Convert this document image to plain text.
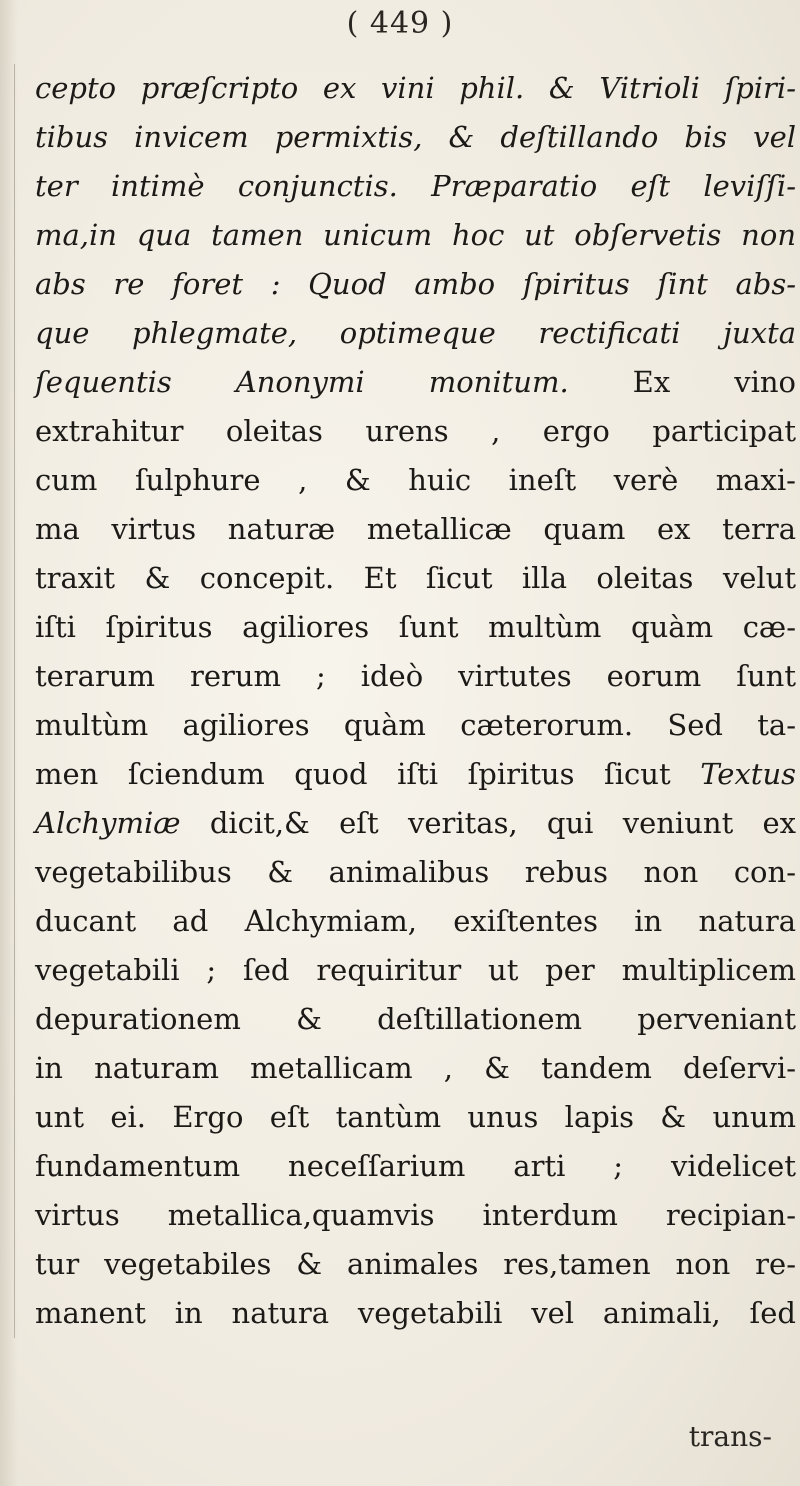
( 449 )
cepto præſcripto ex vini phil. & Vitrioli ſpiri-
tibus invicem permixtis, & deſtillando bis vel
ter intimè conjunctis. Præparatio eſt leviſſi-
ma,in qua tamen unicum hoc ut obſervetis non
abs re foret : Quod ambo ſpiritus ſint abs-
que phlegmate, optimeque rectificati juxta
ſequentis Anonymi monitum. Ex vino
extrahitur oleitas urens , ergo participat
cum ſulphure , & huic ineſt verè maxi-
ma virtus naturæ metallicæ quam ex terra
traxit & concepit. Et ſicut illa oleitas velut
iſti ſpiritus agiliores ſunt multùm quàm cæ-
terarum rerum ; ideò virtutes eorum ſunt
multùm agiliores quàm cæterorum. Sed ta-
men ſciendum quod iſti ſpiritus ſicut Textus
Alchymiæ dicit,& eſt veritas, qui veniunt ex
vegetabilibus & animalibus rebus non con-
ducant ad Alchymiam, exiſtentes in natura
vegetabili ; ſed requiritur ut per multiplicem
depurationem & deſtillationem perveniant
in naturam metallicam , & tandem deſervi-
unt ei. Ergo eſt tantùm unus lapis & unum
fundamentum neceſſarium arti ; videlicet
virtus metallica,quamvis interdum recipian-
tur vegetabiles & animales res,tamen non re-
manent in natura vegetabili vel animali, ſed
trans-
